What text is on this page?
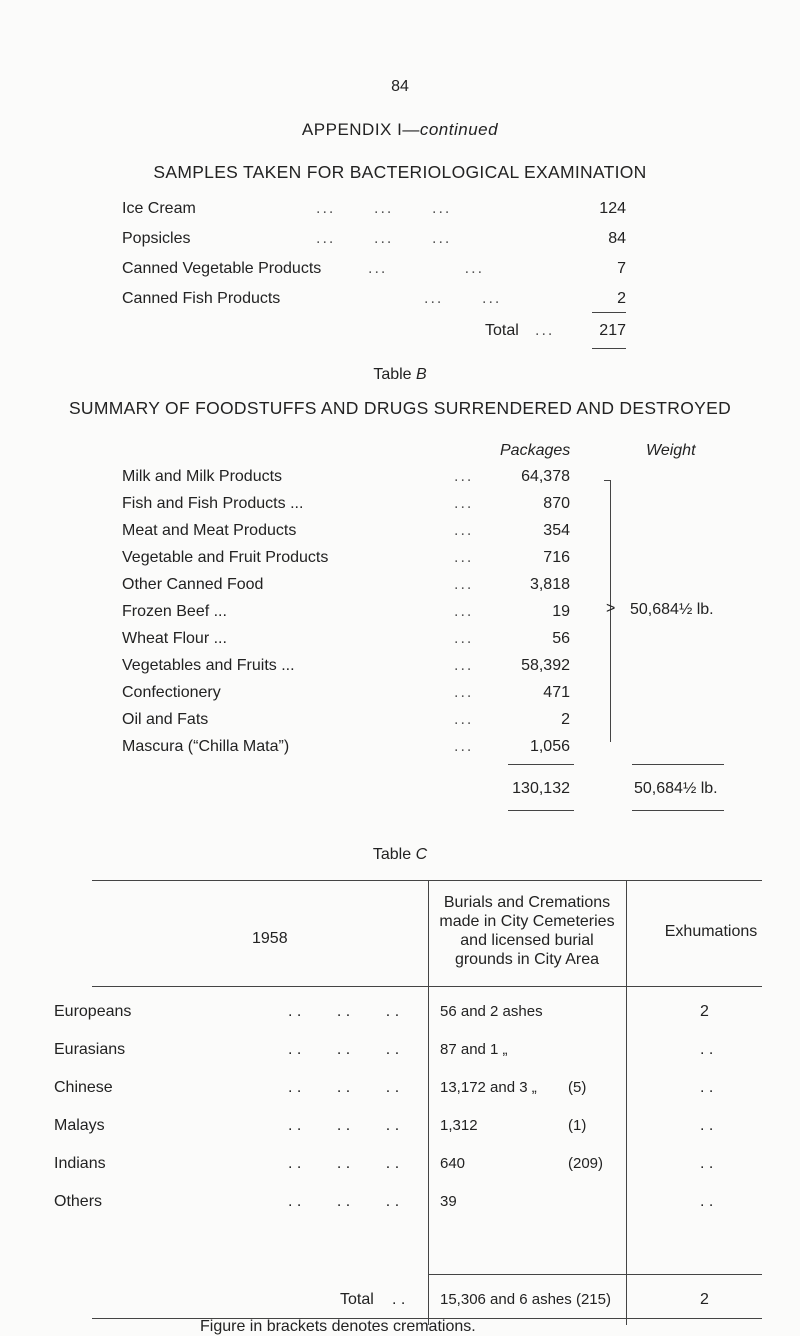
84
APPENDIX I—continued
SAMPLES TAKEN FOR BACTERIOLOGICAL EXAMINATION
Ice Cream	...      ...      ...	124
Popsicles	...      ...      ...	84
Canned Vegetable Products	...            ...	7
Canned Fish Products	...      ...	2
Total ...	217
Table B
SUMMARY OF FOODSTUFFS AND DRUGS SURRENDERED AND DESTROYED
Packages	Weight
Milk and Milk Products	...	64,378
Fish and Fish Products ...	...	870
Meat and Meat Products	...	354
Vegetable and Fruit Products	...	716
Other Canned Food	...	3,818
Frozen Beef ...	...	19
Wheat Flour ...	...	56
Vegetables and Fruits ...	...	58,392
Confectionery	...	471
Oil and Fats	...	2
Mascura (“Chilla Mata”)	...	1,056
> 50,684½ lb.
130,132	50,684½ lb.
Table C
1958
Burials and Cremations
made in City Cemeteries
and licensed burial
grounds in City Area
Exhumations
Europeans	. .        . .        . .	56 and 2 ashes	2
Eurasians	. .        . .        . .	87 and 1 „	. .
Chinese	. .        . .        . .	13,172 and 3 „ (5)	. .
Malays	. .        . .        . .	1,312	(1)	. .
Indians	. .        . .        . .	640	(209)	. .
Others	. .        . .        . .	39	. .
Total . . 15,306 and 6 ashes (215)	2
Figure in brackets denotes cremations.
